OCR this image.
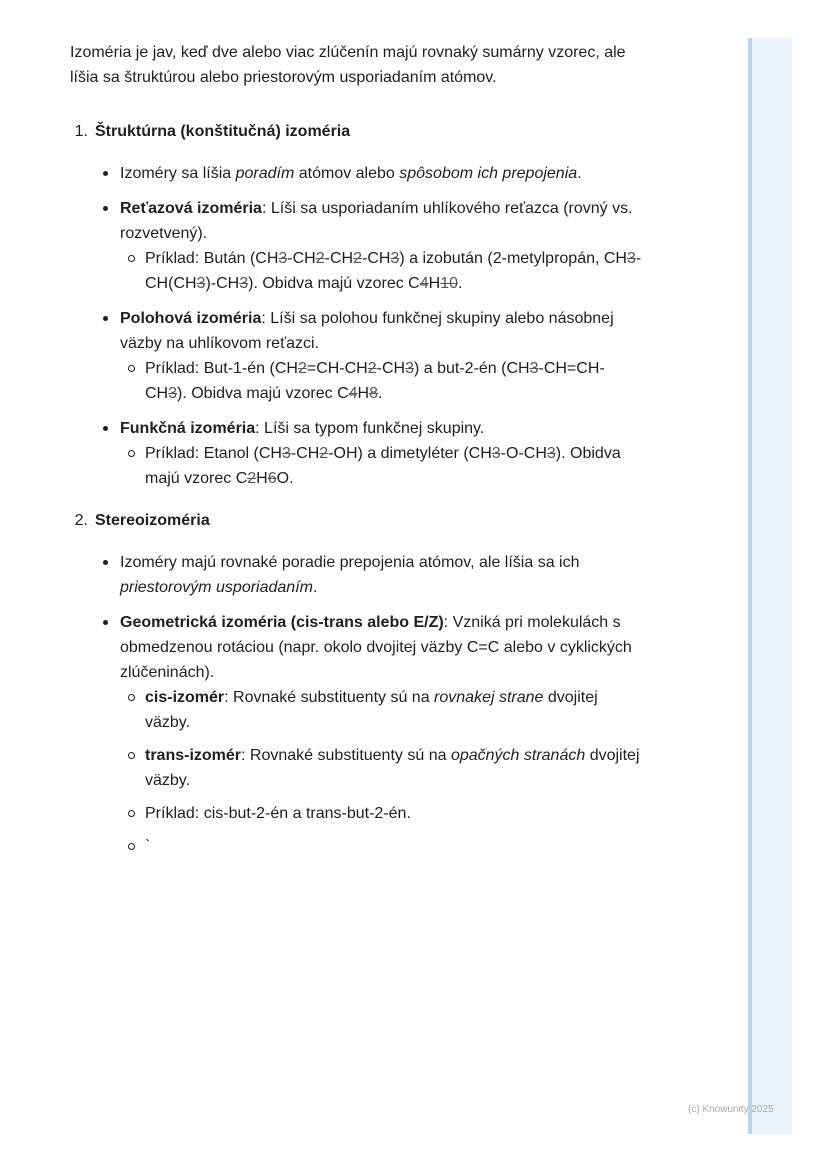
Izoméria je jav, keď dve alebo viac zlúčenín majú rovnaký sumárny vzorec, ale líšia sa štruktúrou alebo priestorovým usporiadaním atómov.

1. Štruktúrna (konštitučná) izoméria
Izoméry sa líšia poradím atómov alebo spôsobom ich prepojenia.
Reťazová izoméria: Líši sa usporiadaním uhlíkového reťazca (rovný vs. rozvetvený).
Príklad: Bután (CH3-CH2-CH2-CH3) a izobután (2-metylpropán, CH3-CH(CH3)-CH3). Obidva majú vzorec C4H10.
Polohová izoméria: Líši sa polohou funkčnej skupiny alebo násobnej väzby na uhlíkovom reťazci.
Príklad: But-1-én (CH2=CH-CH2-CH3) a but-2-én (CH3-CH=CH-CH3). Obidva majú vzorec C4H8.
Funkčná izoméria: Líši sa typom funkčnej skupiny.
Príklad: Etanol (CH3-CH2-OH) a dimetyléter (CH3-O-CH3). Obidva majú vzorec C2H6O.
2. Stereoizoméria
Izoméry majú rovnaké poradie prepojenia atómov, ale líšia sa ich priestorovým usporiadaním.
Geometrická izoméria (cis-trans alebo E/Z): Vzniká pri molekulách s obmedzenou rotáciou (napr. okolo dvojitej väzby C=C alebo v cyklických zlúčeninách).
cis-izomér: Rovnaké substituenty sú na rovnakej strane dvojitej väzby.
trans-izomér: Rovnaké substituenty sú na opačných stranách dvojitej väzby.
Príklad: cis-but-2-én a trans-but-2-én.
`
(c) Knowunity 2025
